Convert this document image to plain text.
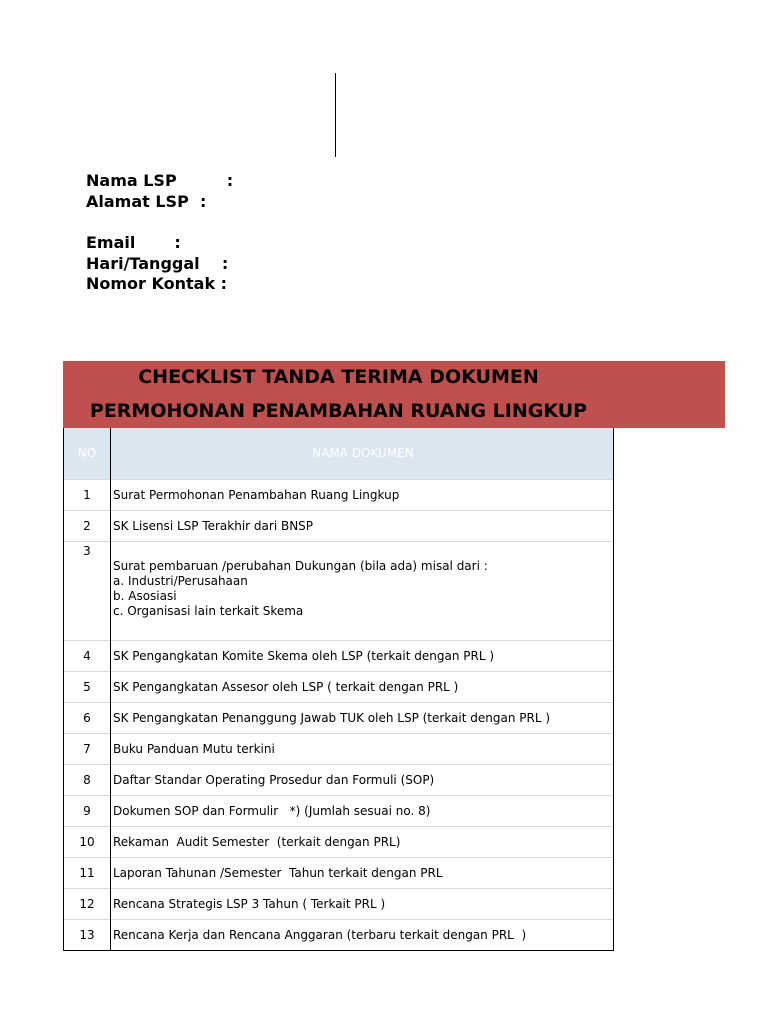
Nama LSP         :
Alamat LSP  :
Email       :
Hari/Tanggal    :
Nomor Kontak :
CHECKLIST TANDA TERIMA DOKUMEN
PERMOHONAN PENAMBAHAN RUANG LINGKUP
NO	NAMA DOKUMEN
1	Surat Permohonan Penambahan Ruang Lingkup
2	SK Lisensi LSP Terakhir dari BNSP
3	Surat pembaruan /perubahan Dukungan (bila ada) misal dari :
a. Industri/Perusahaan
b. Asosiasi
c. Organisasi lain terkait Skema

4	SK Pengangkatan Komite Skema oleh LSP (terkait dengan PRL )
5	SK Pengangkatan Assesor oleh LSP ( terkait dengan PRL )
6	SK Pengangkatan Penanggung Jawab TUK oleh LSP (terkait dengan PRL )
7	Buku Panduan Mutu terkini
8	Daftar Standar Operating Prosedur dan Formuli (SOP)
9	Dokumen SOP dan Formulir   *) (Jumlah sesuai no. 8)
10	Rekaman  Audit Semester  (terkait dengan PRL)
11	Laporan Tahunan /Semester  Tahun terkait dengan PRL
12	Rencana Strategis LSP 3 Tahun ( Terkait PRL )
13	Rencana Kerja dan Rencana Anggaran (terbaru terkait dengan PRL  )
